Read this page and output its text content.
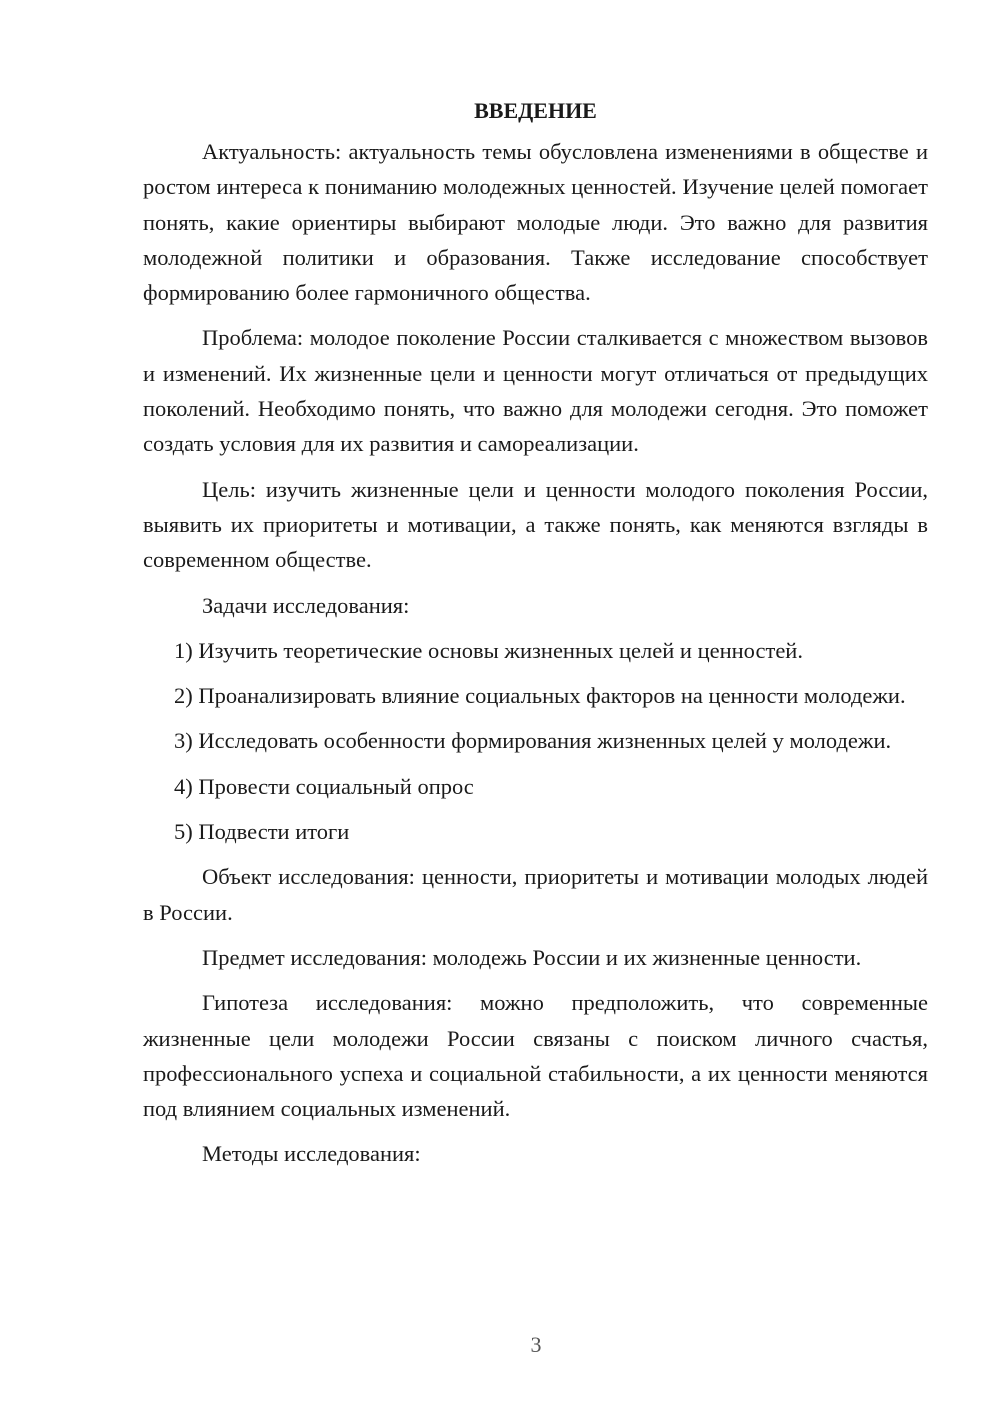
ВВЕДЕНИЕ

Актуальность: актуальность темы обусловлена изменениями в обществе и ростом интереса к пониманию молодежных ценностей. Изучение целей помогает понять, какие ориентиры выбирают молодые люди. Это важно для развития молодежной политики и образования. Также исследование способствует формированию более гармоничного общества.

Проблема: молодое поколение России сталкивается с множеством вызовов и изменений. Их жизненные цели и ценности могут отличаться от предыдущих поколений. Необходимо понять, что важно для молодежи сегодня. Это поможет создать условия для их развития и самореализации.

Цель: изучить жизненные цели и ценности молодого поколения России, выявить их приоритеты и мотивации, а также понять, как меняются взгляды в современном обществе.

Задачи исследования:

1) Изучить теоретические основы жизненных целей и ценностей.

2) Проанализировать влияние социальных факторов на ценности молодежи.

3) Исследовать особенности формирования жизненных целей у молодежи.

4) Провести социальный опрос

5) Подвести итоги

Объект исследования: ценности, приоритеты и мотивации молодых людей в России.

Предмет исследования: молодежь России и их жизненные ценности.

Гипотеза исследования: можно предположить, что современные жизненные цели молодежи России связаны с поиском личного счастья, профессионального успеха и социальной стабильности, а их ценности меняются под влиянием социальных изменений.

Методы исследования:

3
